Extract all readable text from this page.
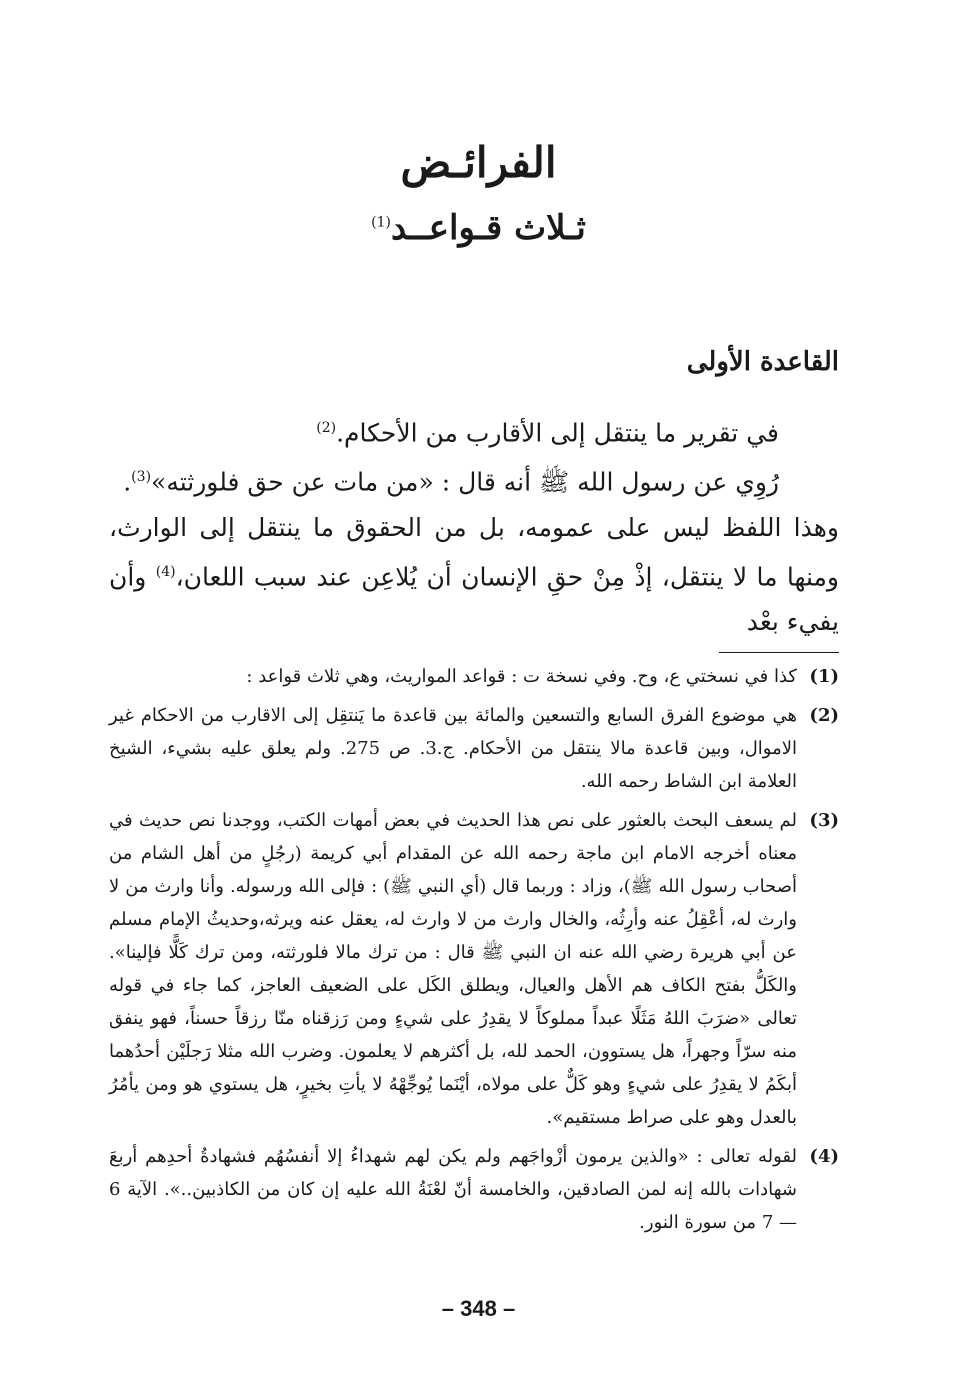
الفرائـض
ثـلاث قـواعــد$^{(1)}$
القاعدة الأولى

في تقرير ما ينتقل إلى الأقارب من الأحكام.$^{(2)}$

رُوِي عن رسول الله ﷺ أنه قال : «من مات عن حق فلورثته»$^{(3)}$.

وهذا اللفظ ليس على عمومه، بل من الحقوق ما ينتقل إلى الوارث، ومنها ما لا ينتقل، إذْ مِنْ حقِ الإنسان أن يُلاعِن عند سبب اللعان،$^{(4)}$ وأن يفيء بعْد

(1)
كذا في نسختي ع، وح. وفي نسخة ت : قواعد المواريث، وهي ثلاث قواعد :
(2)
هي موضوع الفرق السابع والتسعين والمائة بين قاعدة ما يَنتقِل إلى الاقارب من الاحكام غير الاموال، وبين قاعدة مالا ينتقل من الأحكام. ج.3. ص 275. ولم يعلق عليه بشيء، الشيخ العلامة ابن الشاط رحمه الله.
(3)
لم يسعف البحث بالعثور على نص هذا الحديث في بعض أمهات الكتب، ووجدنا نص حديث في معناه أخرجه الامام ابن ماجة رحمه الله عن المقدام أبي كريمة (رجُلٍ من أهل الشام من أصحاب رسول الله ﷺ)، وزاد : وربما قال (أي النبي ﷺ) : فإلى الله ورسوله. وأنا وارث من لا وارث له، أعْقِلُ عنه وأرِثُه، والخال وارث من لا وارث له، يعقل عنه ويرثه،وحديثُ الإمام مسلم عن أبي هريرة رضي الله عنه ان النبي ﷺ قال : من ترك مالا فلورثته، ومن ترك كَلًّا فإلينا». والكَلُّ بفتح الكاف هم الأهل والعيال، ويطلق الكَل على الضعيف العاجز، كما جاء في قوله تعالى «ضرَبَ اللهُ مَثَلًا عبداً مملوكاً لا يقدِرُ على شيءٍ ومن رَزقناه منّا رزقاً حسناً، فهو ينفق منه سرّاً وجهراً، هل يستوون، الحمد لله، بل أكثرهم لا يعلمون. وضرب الله مثلا رَجلَيْن أحدُهما أبكَمُ لا يقدِرُ على شيءٍ وهو كَلٌّ على مولاه، أيْنَما يُوجِّهْهُ لا يأتِ بخيرٍ، هل يستوي هو ومن يأمُرُ بالعدل وهو على صراط مستقيم».
(4)
لقوله تعالى : «والذين يرمون أزْواجَهم ولم يكن لهم شهداءُ إلا أنفسُهُم فشهادةُ أحدِهم أربعَ شهادات بالله إنه لمن الصادقين، والخامسة أنّ لعْنَةُ الله عليه إن كان من الكاذبين..». الآية 6 — 7 من سورة النور.
– 348 –
